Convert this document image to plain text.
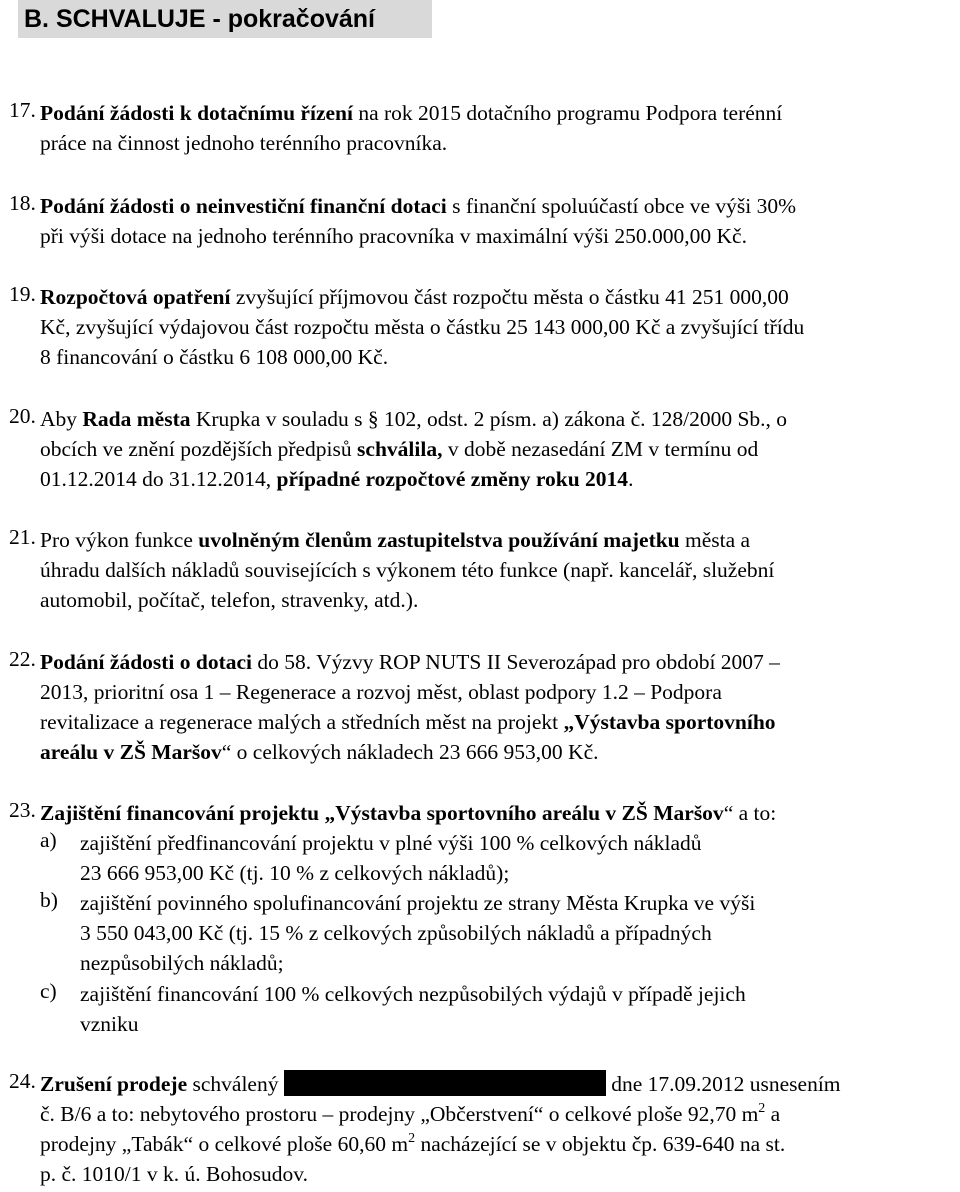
B. SCHVALUJE - pokračování
17. Podání žádosti k dotačnímu řízení na rok 2015 dotačního programu Podpora terénní
práce na činnost jednoho terénního pracovníka.
18. Podání žádosti o neinvestiční finanční dotaci s finanční spoluúčastí obce ve výši 30%
při výši dotace na jednoho terénního pracovníka v maximální výši 250.000,00 Kč.
19. Rozpočtová opatření zvyšující příjmovou část rozpočtu města o částku 41 251 000,00
Kč, zvyšující výdajovou část rozpočtu města o částku 25 143 000,00 Kč a zvyšující třídu
8 financování o částku 6 108 000,00 Kč.
20. Aby Rada města Krupka v souladu s § 102, odst. 2 písm. a) zákona č. 128/2000 Sb., o
obcích ve znění pozdějších předpisů schválila, v době nezasedání ZM v termínu od
01.12.2014 do 31.12.2014, případné rozpočtové změny roku 2014.
21. Pro výkon funkce uvolněným členům zastupitelstva používání majetku města a
úhradu dalších nákladů souvisejících s výkonem této funkce (např. kancelář, služební
automobil, počítač, telefon, stravenky, atd.).
22. Podání žádosti o dotaci do 58. Výzvy ROP NUTS II Severozápad pro období 2007 –
2013, prioritní osa 1 – Regenerace a rozvoj měst, oblast podpory 1.2 – Podpora
revitalizace a regenerace malých a středních měst na projekt „Výstavba sportovního
areálu v ZŠ Maršov“ o celkových nákladech 23 666 953,00 Kč.
23. Zajištění financování projektu „Výstavba sportovního areálu v ZŠ Maršov“ a to:
a) zajištění předfinancování projektu v plné výši 100 % celkových nákladů
23 666 953,00 Kč (tj. 10 % z celkových nákladů);
b) zajištění povinného spolufinancování projektu ze strany Města Krupka ve výši
3 550 043,00 Kč (tj. 15 % z celkových způsobilých nákladů a případných
nezpůsobilých nákladů;
c) zajištění financování 100 % celkových nezpůsobilých výdajů v případě jejich
vzniku
24. Zrušení prodeje schválený	dne 17.09.2012 usnesením
č. B/6 a to: nebytového prostoru – prodejny „Občerstvení“ o celkové ploše 92,70 $m^2$ a
prodejny „Tabák“ o celkové ploše 60,60 $m^2$ nacházející se v objektu čp. 639-640 na st.
p. č. 1010/1 v k. ú. Bohosudov.
